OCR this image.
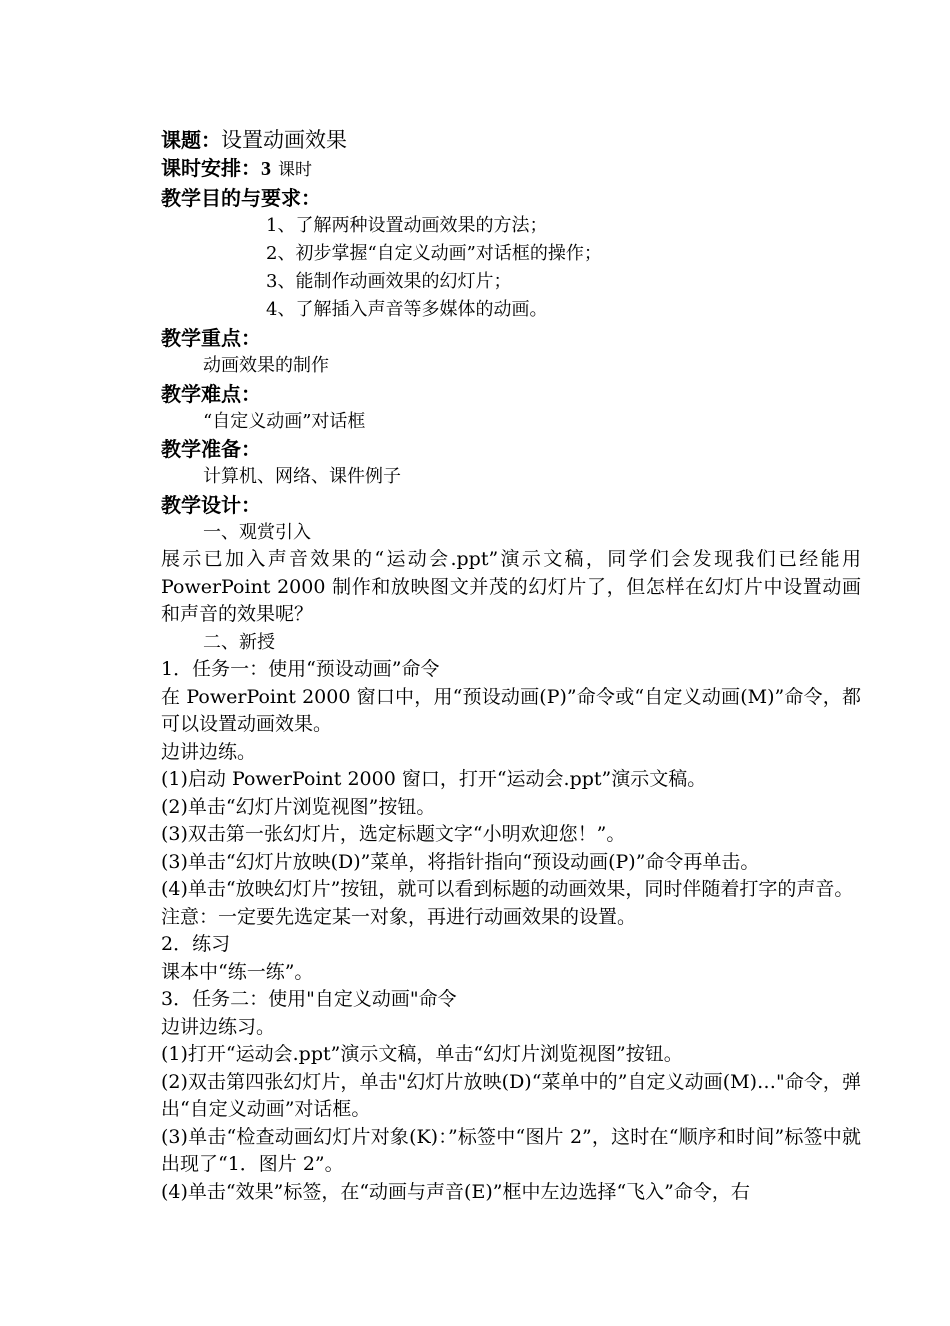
课题：设置动画效果

课时安排：3 课时

教学目的与要求：

1、了解两种设置动画效果的方法；

2、初步掌握“自定义动画”对话框的操作；

3、能制作动画效果的幻灯片；

4、了解插入声音等多媒体的动画。

教学重点：

动画效果的制作

教学难点：

“自定义动画”对话框

教学准备：

计算机、网络、课件例子

教学设计：

一、观赏引入

展示已加入声音效果的“运动会.ppt”演示文稿，同学们会发现我们已经能用 PowerPoint 2000 制作和放映图文并茂的幻灯片了，但怎样在幻灯片中设置动画和声音的效果呢？

二、新授

1．任务一：使用“预设动画”命令

在 PowerPoint 2000 窗口中，用“预设动画(P)”命令或“自定义动画(M)”命令，都可以设置动画效果。

边讲边练。

(1)启动 PowerPoint 2000 窗口，打开“运动会.ppt”演示文稿。

(2)单击“幻灯片浏览视图”按钮。

(3)双击第一张幻灯片，选定标题文字“小明欢迎您！”。

(3)单击“幻灯片放映(D)”菜单，将指针指向“预设动画(P)”命令再单击。

(4)单击“放映幻灯片”按钮，就可以看到标题的动画效果，同时伴随着打字的声音。

注意：一定要先选定某一对象，再进行动画效果的设置。

2．练习

课本中“练一练”。

3．任务二：使用"自定义动画"命令

边讲边练习。

(1)打开“运动会.ppt”演示文稿，单击“幻灯片浏览视图”按钮。

(2)双击第四张幻灯片，单击"幻灯片放映(D)“菜单中的”自定义动画(M)…"命令，弹出“自定义动画”对话框。

(3)单击“检查动画幻灯片对象(K)：”标签中“图片 2”，这时在“顺序和时间”标签中就出现了“1．图片 2”。

(4)单击“效果”标签，在“动画与声音(E)”框中左边选择“飞入”命令，右
